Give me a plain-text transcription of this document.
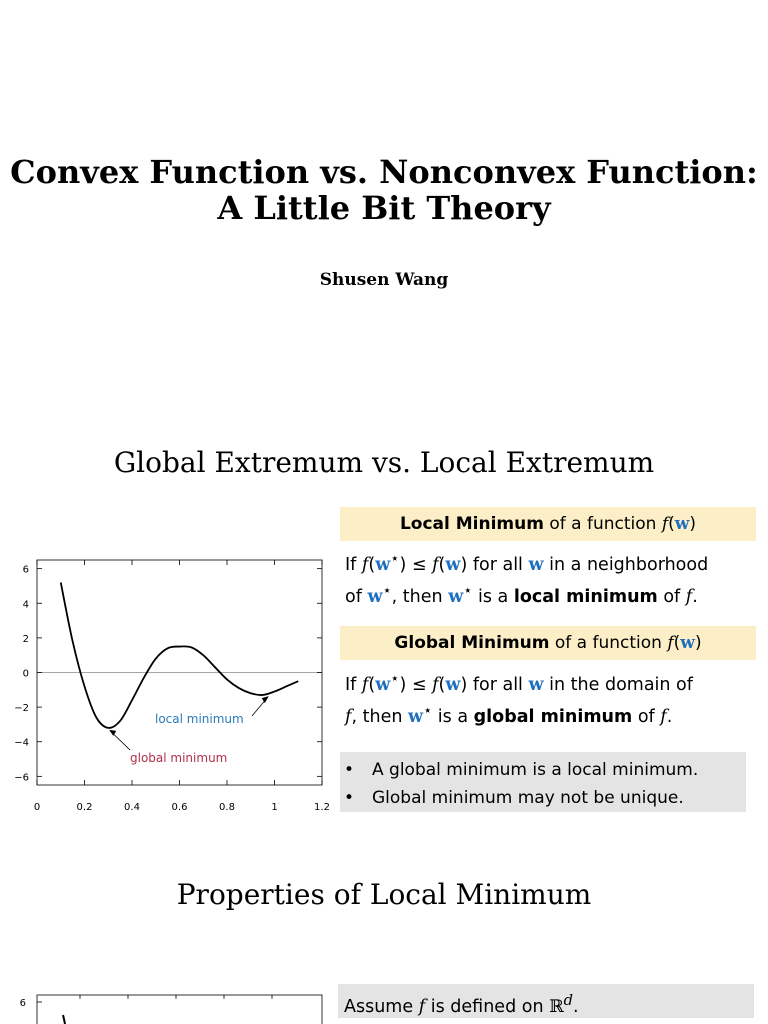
Convex Function vs. Nonconvex Function:
A Little Bit Theory
Shusen Wang
Global Extremum vs. Local Extremum
Local Minimum of a function f(w)
If f(w⋆) ≤ f(w) for all w in a neighborhood
of w⋆, then w⋆ is a local minimum of f.
Global Minimum of a function f(w)
If f(w⋆) ≤ f(w) for all w in the domain of
f, then w⋆ is a global minimum of f.
• A global minimum is a local minimum.
• Global minimum may not be unique.
6
4
2
0
−2
−4
−6
0	0.2	0.4	0.6	0.8	1	1.2
local minimum
global minimum
Properties of Local Minimum
Assume f is defined on ℝ$^d$.
6
